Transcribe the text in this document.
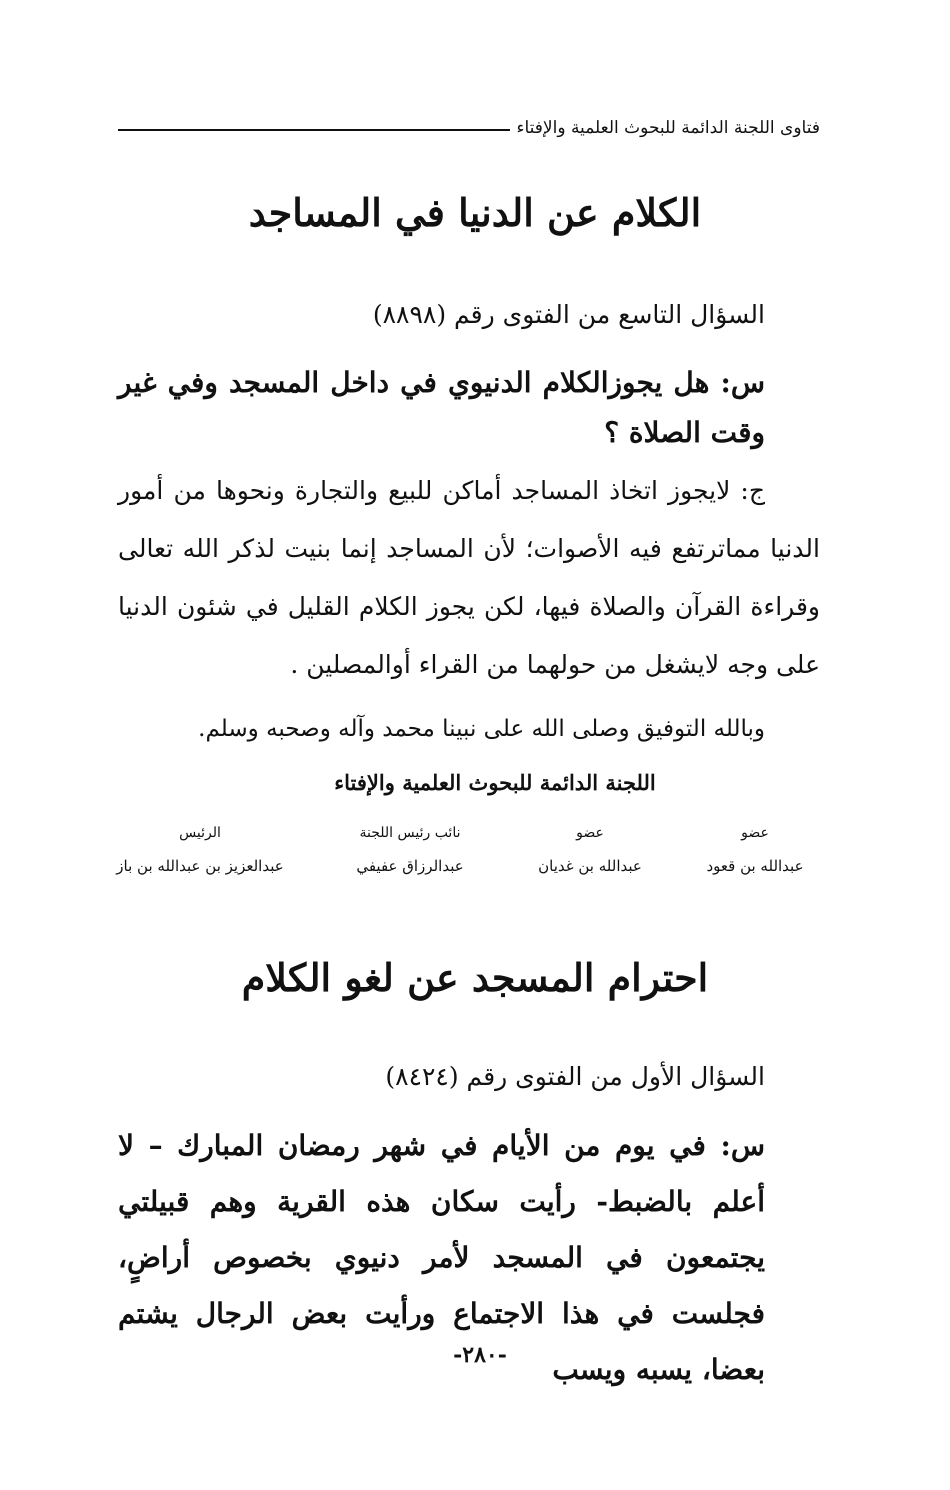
فتاوى اللجنة الدائمة للبحوث العلمية والإفتاء
الكلام عن الدنيا في المساجد
السؤال التاسع من الفتوى رقم (٨٨٩٨)

س: هل يجوزالكلام الدنيوي في داخل المسجد وفي غير وقت الصلاة ؟

ج: لايجوز اتخاذ المساجد أماكن للبيع والتجارة ونحوها من أمور الدنيا مماترتفع فيه الأصوات؛ لأن المساجد إنما بنيت لذكر الله تعالى وقراءة القرآن والصلاة فيها، لكن يجوز الكلام القليل في شئون الدنيا على وجه لايشغل من حولهما من القراء أوالمصلين .
وبالله التوفيق وصلى الله على نبينا محمد وآله وصحبه وسلم.
اللجنة الدائمة للبحوث العلمية والإفتاء
عضو
عبدالله بن قعود
عضو
عبدالله بن غديان
نائب رئيس اللجنة
عبدالرزاق عفيفي
الرئيس
عبدالعزيز بن عبدالله بن باز
احترام المسجد عن لغو الكلام
السؤال الأول من الفتوى رقم (٨٤٢٤)

س: في يوم من الأيام في شهر رمضان المبارك – لا أعلم بالضبط- رأيت سكان هذه القرية وهم قبيلتي يجتمعون في المسجد لأمر دنيوي بخصوص أراضٍ، فجلست في هذا الاجتماع ورأيت بعض الرجال يشتم بعضا، يسبه ويسب

-٢٨٠-
